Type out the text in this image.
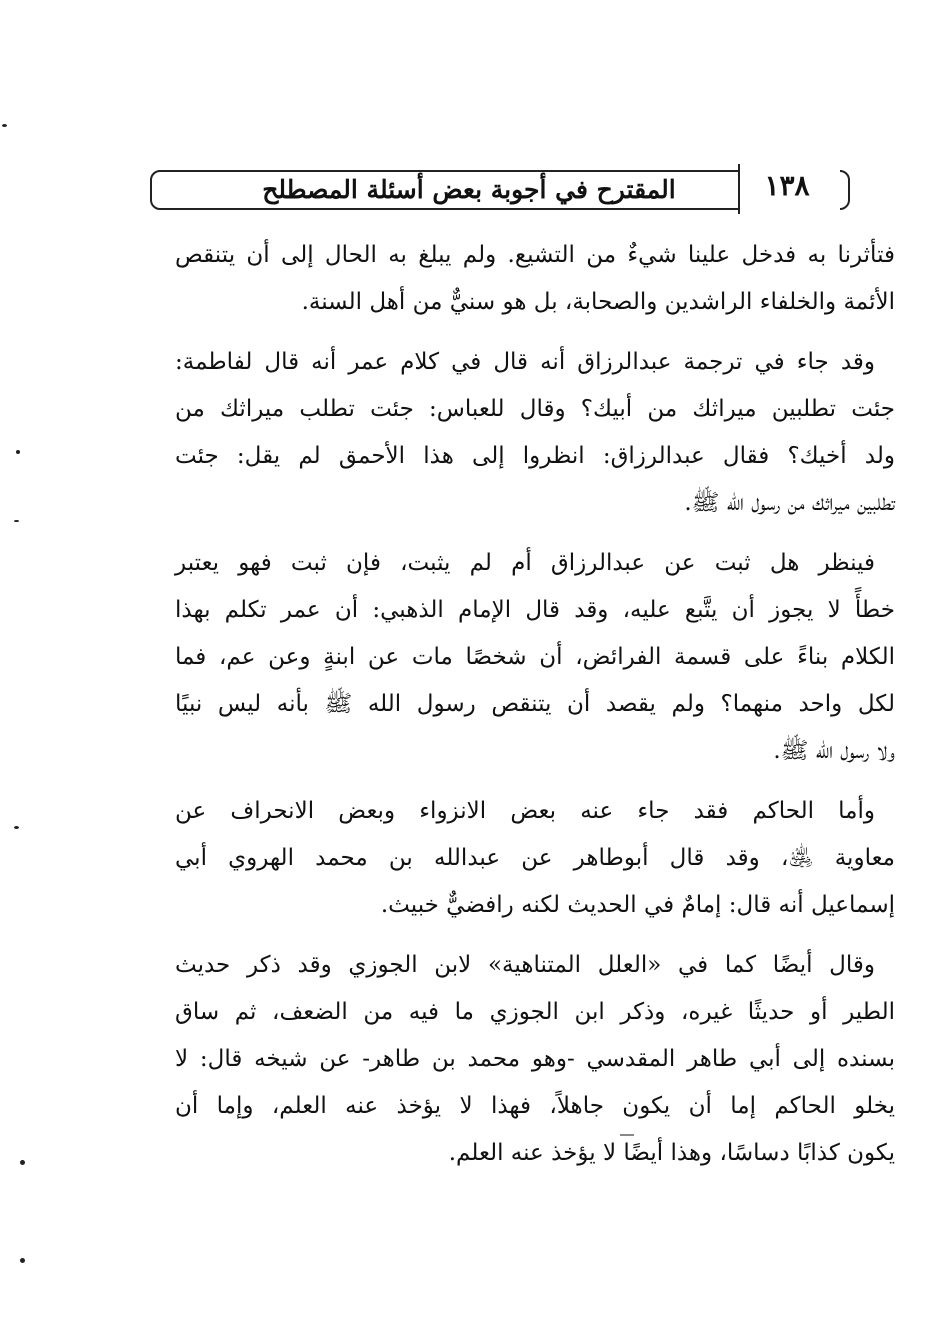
١٣٨
المقترح في أجوبة بعض أسئلة المصطلح
فتأثرنا به فدخل علينا شيءٌ من التشيع. ولم يبلغ به الحال إلى أن يتنقص
الأئمة والخلفاء الراشدين والصحابة، بل هو سنيٌّ من أهل السنة.
وقد جاء في ترجمة عبدالرزاق أنه قال في كلام عمر أنه قال لفاطمة:
جئت تطلبين ميراثك من أبيك؟ وقال للعباس: جئت تطلب ميراثك من
ولد أخيك؟ فقال عبدالرزاق: انظروا إلى هذا الأحمق لم يقل: جئت
تطلبين ميراثك من رسول الله ﷺ.
فينظر هل ثبت عن عبدالرزاق أم لم يثبت، فإن ثبت فهو يعتبر
خطأً لا يجوز أن يتَّبع عليه، وقد قال الإمام الذهبي: أن عمر تكلم بهذا
الكلام بناءً على قسمة الفرائض، أن شخصًا مات عن ابنةٍ وعن عم، فما
لكل واحد منهما؟ ولم يقصد أن يتنقص رسول الله ﷺ بأنه ليس نبيًا
ولا رسول الله ﷺ.
وأما الحاكم فقد جاء عنه بعض الانزواء وبعض الانحراف عن
معاوية ﵁، وقد قال أبوطاهر عن عبدالله بن محمد الهروي أبي
إسماعيل أنه قال: إمامٌ في الحديث لكنه رافضيٌّ خبيث.
وقال أيضًا كما في «العلل المتناهية» لابن الجوزي وقد ذكر حديث
الطير أو حديثًا غيره، وذكر ابن الجوزي ما فيه من الضعف، ثم ساق
بسنده إلى أبي طاهر المقدسي -وهو محمد بن طاهر- عن شيخه قال: لا
يخلو الحاكم إما أن يكون جاهلاً، فهذا لا يؤخذ عنه العلم، وإما أن
يكون كذابًا دساسًا، وهذا أيضًا لا يؤخذ عنه العلم.
